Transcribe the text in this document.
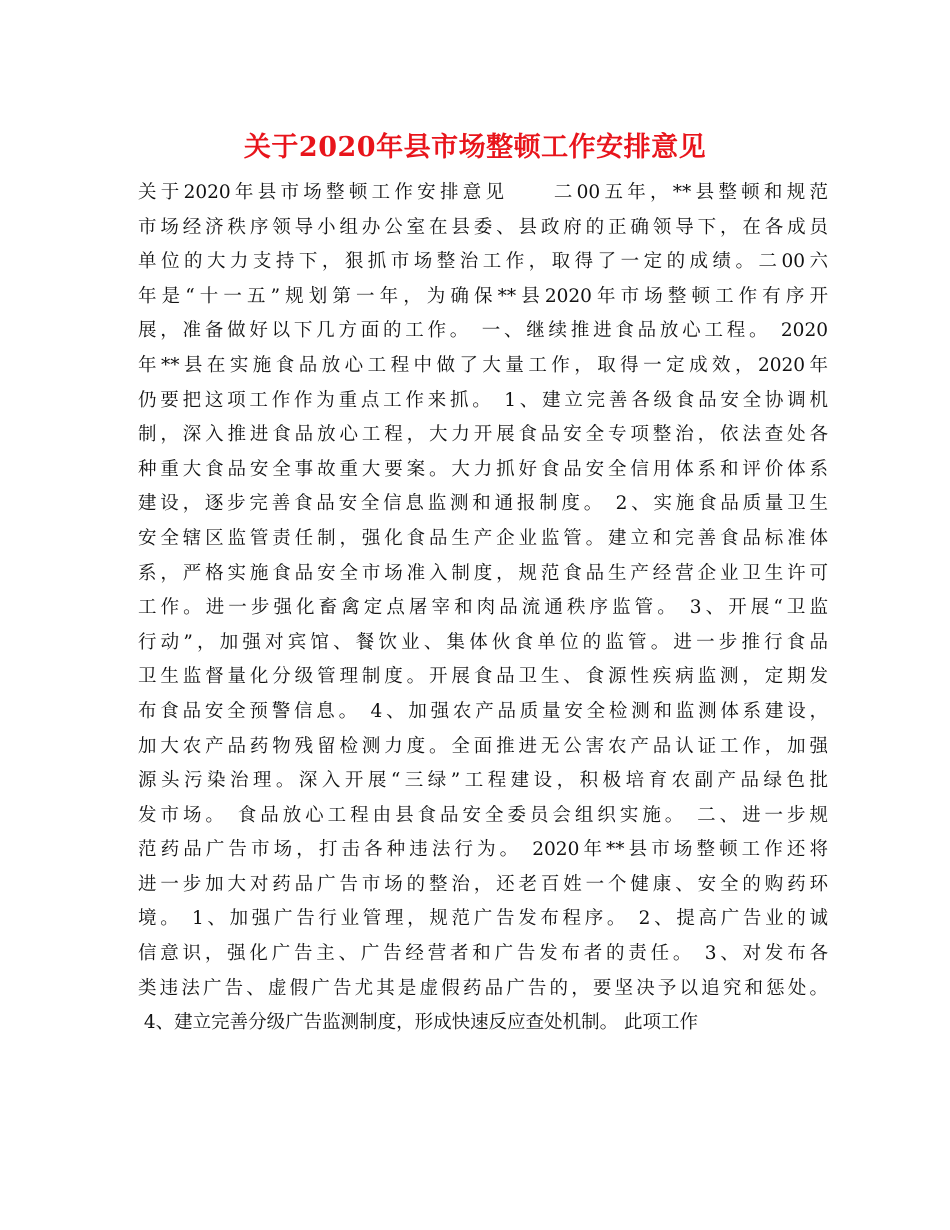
关于2020年县市场整顿工作安排意见
关于2020年县市场整顿工作安排意见　　二00五年，**县整顿和规范
市场经济秩序领导小组办公室在县委、县政府的正确领导下，在各成员
单位的大力支持下，狠抓市场整治工作，取得了一定的成绩。二00六
年是“十一五”规划第一年，为确保**县2020年市场整顿工作有序开
展，准备做好以下几方面的工作。 一、继续推进食品放心工程。 2020
年**县在实施食品放心工程中做了大量工作，取得一定成效，2020年
仍要把这项工作作为重点工作来抓。 1、建立完善各级食品安全协调机
制，深入推进食品放心工程，大力开展食品安全专项整治，依法查处各
种重大食品安全事故重大要案。大力抓好食品安全信用体系和评价体系
建设，逐步完善食品安全信息监测和通报制度。 2、实施食品质量卫生
安全辖区监管责任制，强化食品生产企业监管。建立和完善食品标准体
系，严格实施食品安全市场准入制度，规范食品生产经营企业卫生许可
工作。进一步强化畜禽定点屠宰和肉品流通秩序监管。 3、开展“卫监
行动”，加强对宾馆、餐饮业、集体伙食单位的监管。进一步推行食品
卫生监督量化分级管理制度。开展食品卫生、食源性疾病监测，定期发
布食品安全预警信息。 4、加强农产品质量安全检测和监测体系建设，
加大农产品药物残留检测力度。全面推进无公害农产品认证工作，加强
源头污染治理。深入开展“三绿”工程建设，积极培育农副产品绿色批
发市场。 食品放心工程由县食品安全委员会组织实施。 二、进一步规
范药品广告市场，打击各种违法行为。 2020年**县市场整顿工作还将
进一步加大对药品广告市场的整治，还老百姓一个健康、安全的购药环
境。 1、加强广告行业管理，规范广告发布程序。 2、提高广告业的诚
信意识，强化广告主、广告经营者和广告发布者的责任。 3、对发布各
类违法广告、虚假广告尤其是虚假药品广告的，要坚决予以追究和惩处。
4、建立完善分级广告监测制度，形成快速反应查处机制。 此项工作
